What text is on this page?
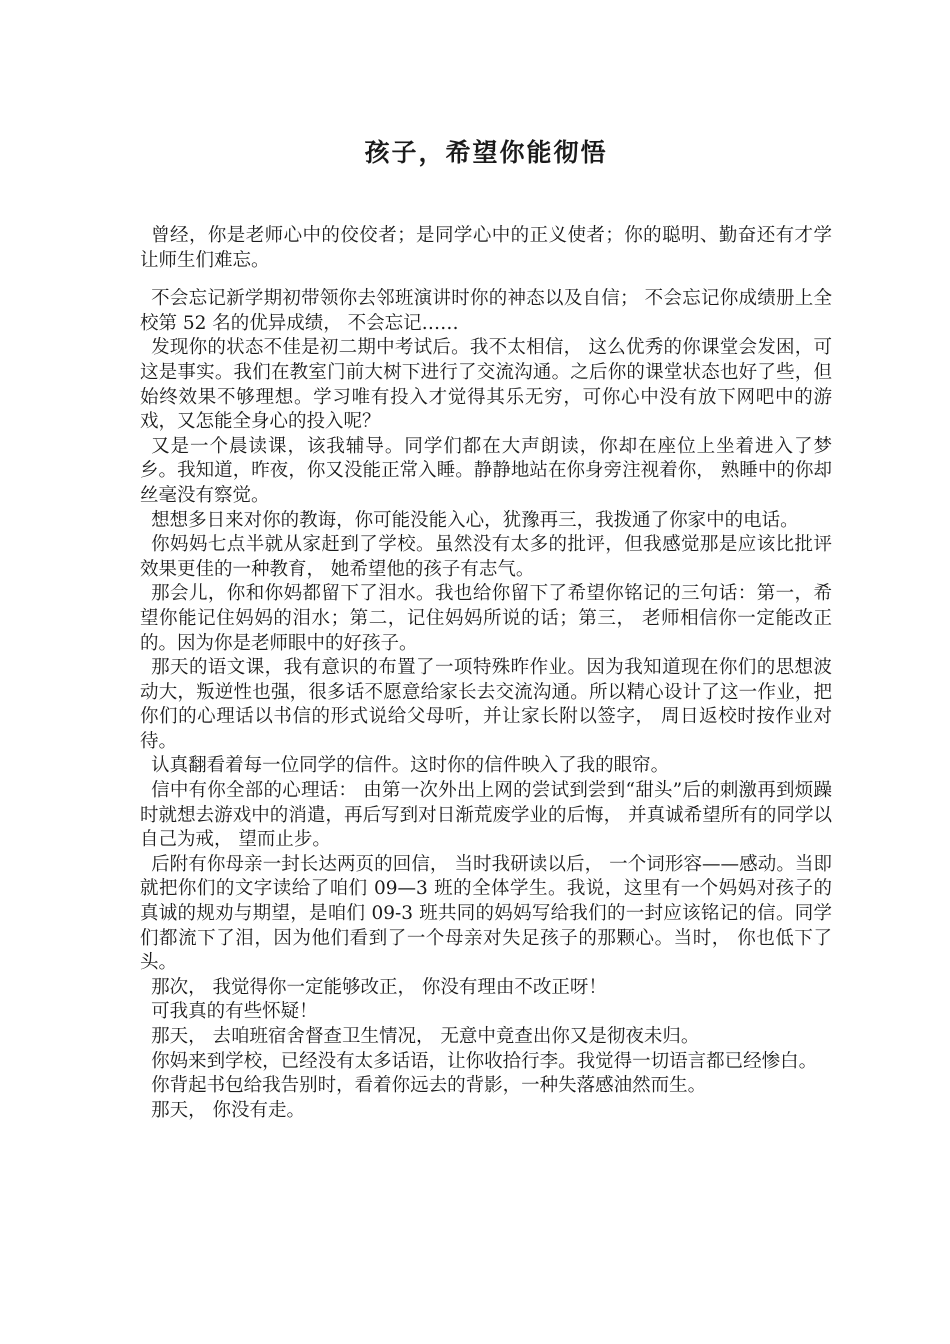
孩子，希望你能彻悟

曾经，你是老师心中的佼佼者；是同学心中的正义使者；你的聪明、勤奋还有才学让师生们难忘。

不会忘记新学期初带领你去邻班演讲时你的神态以及自信； 不会忘记你成绩册上全校第 52 名的优异成绩， 不会忘记……

发现你的状态不佳是初二期中考试后。我不太相信， 这么优秀的你课堂会发困，可这是事实。我们在教室门前大树下进行了交流沟通。之后你的课堂状态也好了些，但始终效果不够理想。学习唯有投入才觉得其乐无穷，可你心中没有放下网吧中的游戏，又怎能全身心的投入呢？

又是一个晨读课，该我辅导。同学们都在大声朗读，你却在座位上坐着进入了梦乡。我知道，昨夜，你又没能正常入睡。静静地站在你身旁注视着你， 熟睡中的你却丝毫没有察觉。

想想多日来对你的教诲，你可能没能入心，犹豫再三，我拨通了你家中的电话。

你妈妈七点半就从家赶到了学校。虽然没有太多的批评，但我感觉那是应该比批评效果更佳的一种教育， 她希望他的孩子有志气。

那会儿，你和你妈都留下了泪水。我也给你留下了希望你铭记的三句话：第一，希望你能记住妈妈的泪水；第二，记住妈妈所说的话；第三， 老师相信你一定能改正的。因为你是老师眼中的好孩子。

那天的语文课，我有意识的布置了一项特殊昨作业。因为我知道现在你们的思想波动大，叛逆性也强，很多话不愿意给家长去交流沟通。所以精心设计了这一作业，把你们的心理话以书信的形式说给父母听，并让家长附以签字， 周日返校时按作业对待。

认真翻看着每一位同学的信件。这时你的信件映入了我的眼帘。

信中有你全部的心理话： 由第一次外出上网的尝试到尝到“甜头”后的刺激再到烦躁时就想去游戏中的消遣，再后写到对日渐荒废学业的后悔， 并真诚希望所有的同学以自己为戒， 望而止步。

后附有你母亲一封长达两页的回信， 当时我研读以后， 一个词形容——感动。当即就把你们的文字读给了咱们 09—3 班的全体学生。我说，这里有一个妈妈对孩子的真诚的规劝与期望，是咱们 09-3 班共同的妈妈写给我们的一封应该铭记的信。同学们都流下了泪，因为他们看到了一个母亲对失足孩子的那颗心。当时， 你也低下了头。

那次， 我觉得你一定能够改正， 你没有理由不改正呀！

可我真的有些怀疑！

那天， 去咱班宿舍督查卫生情况， 无意中竟查出你又是彻夜未归。

你妈来到学校，已经没有太多话语，让你收拾行李。我觉得一切语言都已经惨白。

你背起书包给我告别时，看着你远去的背影，一种失落感油然而生。

那天， 你没有走。
